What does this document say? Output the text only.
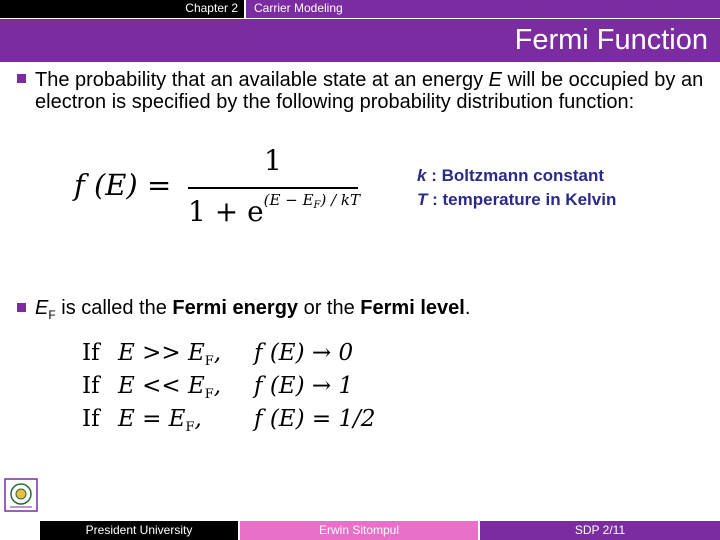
Chapter 2 Carrier Modeling
Fermi Function
The probability that an available state at an energy E will be occupied by an electron is specified by the following probability distribution function:
f (E) =
1
$1 + e^{(E - E_F) / kT}$
k : Boltzmann constant
T : temperature in Kelvin
$E_F$ is called the Fermi energy or the Fermi level.
If $E >> E_F$, f (E) → 0
If $E << E_F$, f (E) → 1
If $E = E_F$, f (E) = 1/2
President University	Erwin Sitompul	SDP 2/11
